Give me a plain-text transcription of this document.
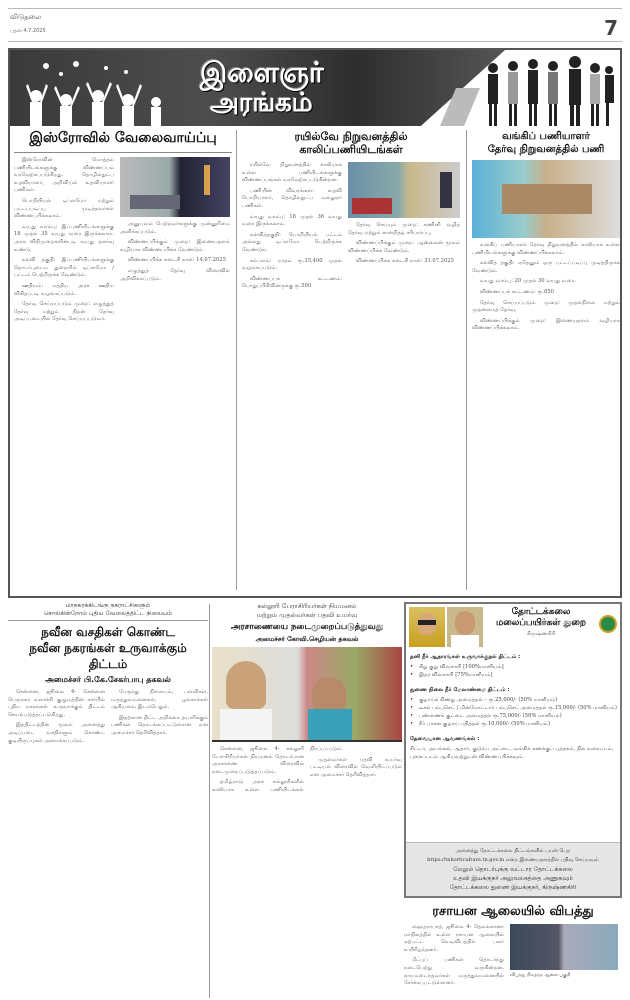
விடுதலை
புதன் 4.7.2025	7
இளைஞர்
அரங்கம்
இஸ்ரோவில் வேலைவாய்ப்பு

இஸ்ரோவின் மொத்தம் பணியிடங்களுக்கு விண்ணப்பம் வரவேற்கப்படுகிறது. தொழில்நுட்ப உதவியாளர், அறிவியல் உதவியாளர் பணிகள்.

பொறியியல் டிப்ளமோ மற்றும் பட்டப்படிப்பு முடித்தவர்கள் விண்ணப்பிக்கலாம்.

வயது வரம்பு: இப்பணியிடங்களுக்கு 18 முதல் 35 வயது வரை இருக்கலாம். அரசு விதிமுறைகளின்படி வயது தளர்வு உண்டு.

கல்வி தகுதி: இப்பணியிடங்களுக்கு தொடர்புடைய துறையில் டிப்ளமோ / பட்டம் பெற்றிருக்க வேண்டும்.

ஊதியம்: மத்திய அரசு ஊதிய விகிதப்படி வழங்கப்படும்.

தேர்வு செய்யப்படும் முறை: எழுத்துத் தேர்வு மற்றும் திறன் தேர்வு அடிப்படையில் தேர்வு செய்யப்படுவர்.

அனுபவம் பெற்றவர்களுக்கு முன்னுரிமை அளிக்கப்படும்.

விண்ணப்பிக்கும் முறை: இணையதளம் வழியாக விண்ணப்பிக்க வேண்டும்.

விண்ணப்பிக்க கடைசி நாள்: 14.07.2025

எழுத்துத் தேர்வு விரைவில் அறிவிக்கப்படும்.

ரயில்வே நிறுவனத்தில் காலிப்பணியிடங்கள்

ரயில்வே நிறுவனத்தில் காலியாக உள்ள பணியிடங்களுக்கு விண்ணப்பங்கள் வரவேற்கப்படுகின்றன.

பணியின் விவரங்கள்: உதவி பொறியாளர், தொழில்நுட்ப வல்லுநர் பணிகள்.

வயது வரம்பு: 18 முதல் 36 வயது வரை இருக்கலாம்.

கல்வித்தகுதி: பொறியியல் பட்டம் அல்லது டிப்ளமோ பெற்றிருக்க வேண்டும்.

சம்பளம்: மாதம் ரூ.35,400 முதல் வழங்கப்படும்.

விண்ணப்பக் கட்டணம்: பொதுப்பிரிவினருக்கு ரூ.500.

தேர்வு செய்யும் முறை: கணினி வழித் தேர்வு மற்றும் சான்றிதழ் சரிபார்ப்பு.

விண்ணப்பிக்கும் முறை: ஆன்லைன் மூலம் விண்ணப்பிக்க வேண்டும்.

விண்ணப்பிக்க கடைசி நாள்: 31.07.2025

வங்கிப் பணியாளர்
தேர்வு நிறுவனத்தில் பணி

வங்கிப் பணியாளர் தேர்வு நிறுவனத்தில் காலியாக உள்ள பணியிடங்களுக்கு விண்ணப்பிக்கலாம்.

கல்வித் தகுதி: ஏதேனும் ஒரு பட்டப்படிப்பு முடித்திருக்க வேண்டும்.

வயது வரம்பு: 20 முதல் 30 வயது வரை.

விண்ணப்பக் கட்டணம்: ரூ.850

தேர்வு செய்யப்படும் முறை: முதல்நிலை மற்றும் முதன்மைத் தேர்வு.

விண்ணப்பிக்கும் முறை: இணையதளம் வழியாக விண்ணப்பிக்கலாம்.

மாநகரக்கிடங்கு நகராட்சிகளும்
சொல்கின்றோம் புதிய வேலைத்திட்ட நிலையம்
நவீன வசதிகள் கொண்ட
நவீன நகரங்கள் உருவாக்கும் திட்டம்
அமைச்சர் பி.கே.சேகர்பாபு தகவல்

சென்னை, ஜூலை 4- சென்னை பெருநகர வளர்ச்சி குழுமத்தின் சார்பில் புதிய நகரங்கள் உருவாக்கும் திட்டம் செயல்படுத்தப்படுகிறது.

இத்திட்டத்தின் மூலம் அனைத்து அடிப்படை வசதிகளும் கொண்ட குடியிருப்புகள் அமைக்கப்படும்.

பேருந்து நிலையம், பள்ளிகள், மருத்துவமனைகள், பூங்காக்கள் ஆகியவை இடம்பெறும்.

இதற்கான திட்ட அறிக்கை தயாரிக்கும் பணிகள் தொடங்கப்பட்டுள்ளன என அமைச்சர் தெரிவித்தார்.

கல்லூரி பேராசிரியர்கள் நியமனம்
மற்றும் முதல்வர்கள் பதவி உயர்வு
அரசாணையை நடைமுறைப்படுத்துவது
அமைச்சர் கோவி.செழியன் தகவல்

சென்னை, ஜூலை 4- கல்லூரி பேராசிரியர்கள் நியமனம் தொடர்பான அரசாணை விரைவில் நடைமுறைப்படுத்தப்படும்.

தமிழ்நாடு அரசு கல்லூரிகளில் காலியாக உள்ள பணியிடங்கள் நிரப்பப்படும்.

முதல்வர்கள் பதவி உயர்வு பட்டியல் விரைவில் வெளியிடப்படும் என அமைச்சர் தெரிவித்தார்.

தோட்டக்கலை
மலைப்பயிர்கள் துறை
கிருஷ்ணகிரி
தனி நீர் ஆதாரங்கள் உருவாக்குதல் திட்டம் :
• சிறு குறு விவசாயி [100%மானியம்]
• இதர விவசாயி [75%மானியம்]
துணை நிலை நீர் மேலாண்மை திட்டம் :
• குழாய்க் கிணறு அமைத்தல் – ரூ.25,000/- (50% மானியம்)
• டீசல் பம்புசெட் / மின்மோட்டார் பம்புசெட் அமைத்தல் ரூ.15,000/- (50% மானியம்)
• பண்ணைக் குட்டை அமைத்தல் ரூ.75,000/- (50% மானியம்)
• நீர் பாசன குழாய் பதித்தல் ரூ.10,000/- (50% மானியம்)
தேவையான ஆவணங்கள் :
சிட்டா, அடங்கல், ஆதார், குடும்ப அட்டை, வங்கிக் கணக்குப் புத்தகம், நில வரைபடம், புகைப்படம் ஆகியவற்றுடன் விண்ணப்பிக்கவும்.
அனைத்து தோட்டக்கலை திட்டங்களில் பயன் பெற
https://tnhorticulture.tn.gov.in என்ற இணையதளத்தில் பதிவு செய்யவும்
மேலும் தொடர்புக்கு வட்டார தோட்டக்கலை
உதவி இயக்குநர் அலுவலகத்தை அணுகவும்
தோட்டக்கலை துணை இயக்குநர், கிருஷ்ணகிரி
ரசாயன ஆலையில் விபத்து

ஹைதராபாத், ஜூலை 4- தெலங்கானா மாநிலத்தில் உள்ள ரசாயன ஆலையில் ஏற்பட்ட வெடிவிபத்தில் பலர் உயிரிழந்தனர்.

மீட்புப் பணிகள் தொடர்ந்து நடைபெற்று வருகின்றன. காயமடைந்தவர்கள் மருத்துவமனையில் சேர்க்கப்பட்டுள்ளனர்.

விபத்து நிகழ்ந்த ஆலை பகுதி
